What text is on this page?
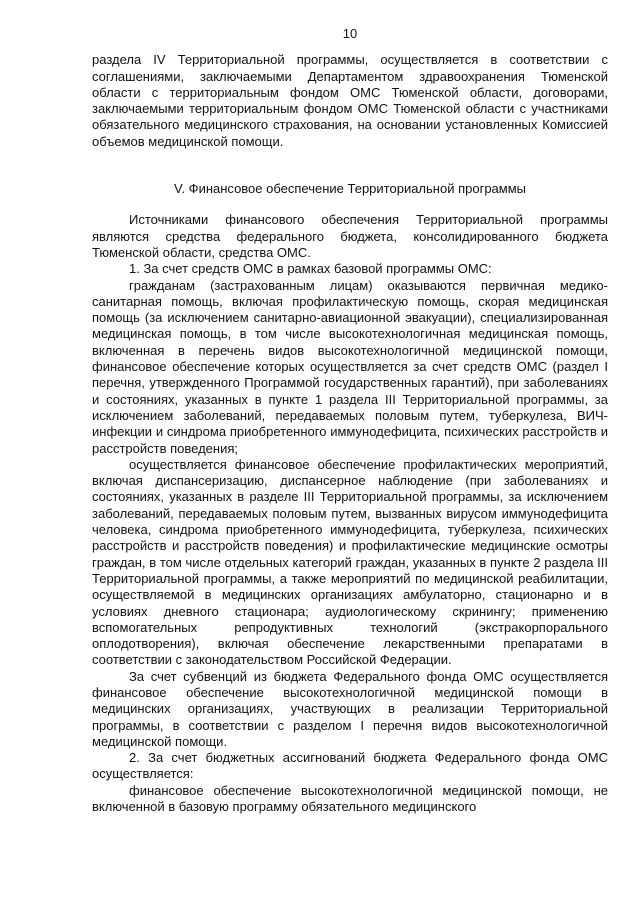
10

раздела IV Территориальной программы, осуществляется в соответствии с соглашениями, заключаемыми Департаментом здравоохранения Тюменской области с территориальным фондом ОМС Тюменской области, договорами, заключаемыми территориальным фондом ОМС Тюменской области с участниками обязательного медицинского страхования, на основании установленных Комиссией объемов медицинской помощи.

V. Финансовое обеспечение Территориальной программы

Источниками финансового обеспечения Территориальной программы являются средства федерального бюджета, консолидированного бюджета Тюменской области, средства ОМС.

1. За счет средств ОМС в рамках базовой программы ОМС:

гражданам (застрахованным лицам) оказываются первичная медико-санитарная помощь, включая профилактическую помощь, скорая медицинская помощь (за исключением санитарно-авиационной эвакуации), специализированная медицинская помощь, в том числе высокотехнологичная медицинская помощь, включенная в перечень видов высокотехнологичной медицинской помощи, финансовое обеспечение которых осуществляется за счет средств ОМС (раздел I перечня, утвержденного Программой государственных гарантий), при заболеваниях и состояниях, указанных в пункте 1 раздела III Территориальной программы, за исключением заболеваний, передаваемых половым путем, туберкулеза, ВИЧ-инфекции и синдрома приобретенного иммунодефицита, психических расстройств и расстройств поведения;

осуществляется финансовое обеспечение профилактических мероприятий, включая диспансеризацию, диспансерное наблюдение (при заболеваниях и состояниях, указанных в разделе III Территориальной программы, за исключением заболеваний, передаваемых половым путем, вызванных вирусом иммунодефицита человека, синдрома приобретенного иммунодефицита, туберкулеза, психических расстройств и расстройств поведения) и профилактические медицинские осмотры граждан, в том числе отдельных категорий граждан, указанных в пункте 2 раздела III Территориальной программы, а также мероприятий по медицинской реабилитации, осуществляемой в медицинских организациях амбулаторно, стационарно и в условиях дневного стационара; аудиологическому скринингу; применению вспомогательных репродуктивных технологий (экстракорпорального оплодотворения), включая обеспечение лекарственными препаратами в соответствии с законодательством Российской Федерации.

За счет субвенций из бюджета Федерального фонда ОМС осуществляется финансовое обеспечение высокотехнологичной медицинской помощи в медицинских организациях, участвующих в реализации Территориальной программы, в соответствии с разделом I перечня видов высокотехнологичной медицинской помощи.

2. За счет бюджетных ассигнований бюджета Федерального фонда ОМС осуществляется:

финансовое обеспечение высокотехнологичной медицинской помощи, не включенной в базовую программу обязательного медицинского
